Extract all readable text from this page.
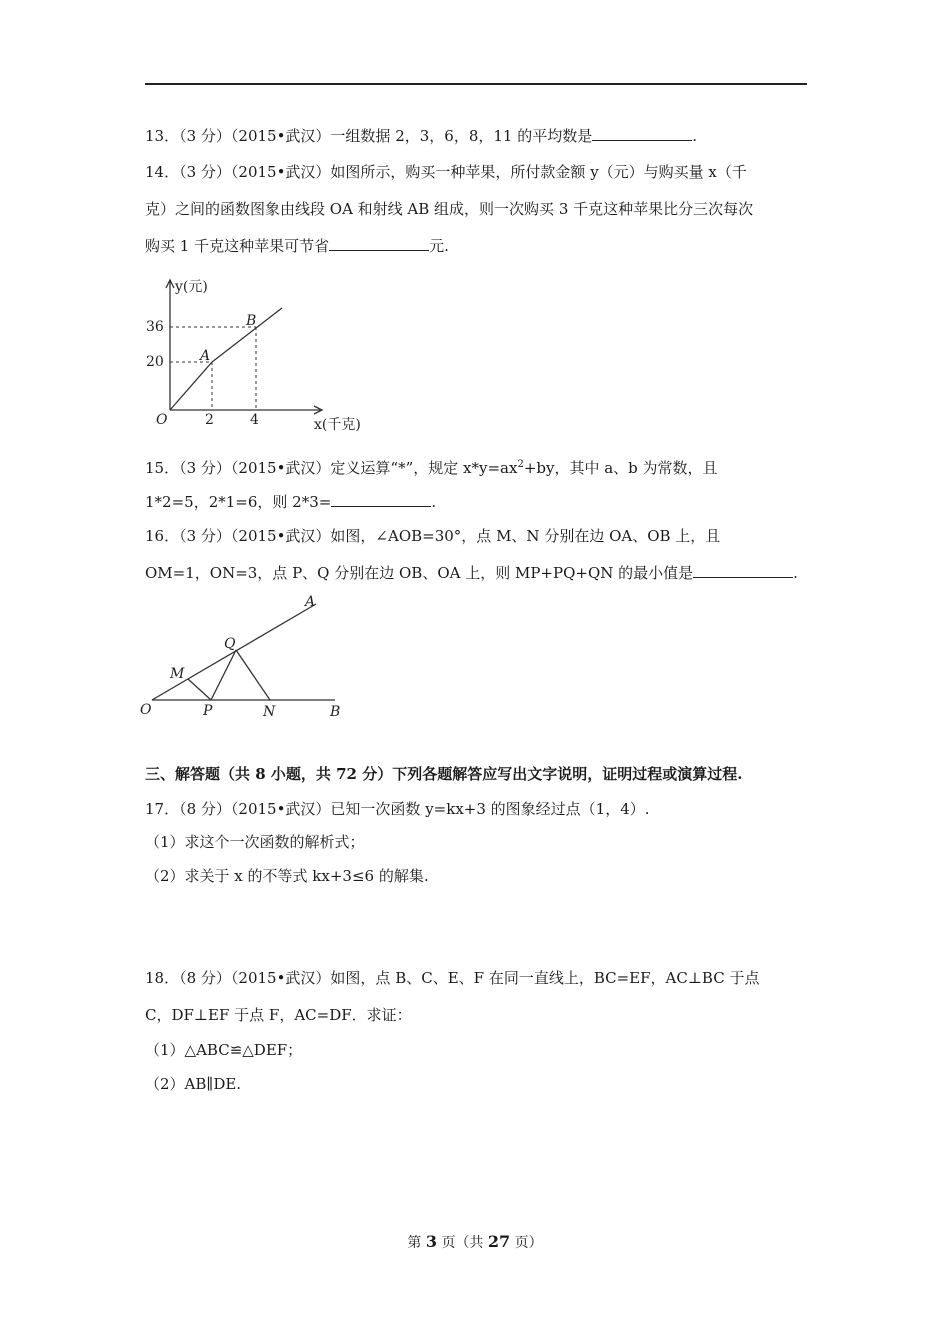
13．（3 分）（2015•武汉）一组数据 2，3，6，8，11 的平均数是	.
14．（3 分）（2015•武汉）如图所示，购买一种苹果，所付款金额 y（元）与购买量 x（千
克）之间的函数图象由线段 OA 和射线 AB 组成，则一次购买 3 千克这种苹果比分三次每次
购买 1 千克这种苹果可节省	元.
y(元)
36
20
O	2	4	x(千克)
A
B
15．（3 分）（2015•武汉）定义运算“*”，规定 $x*y=ax^2+by$，其中 a、b 为常数，且
1*2=5，2*1=6，则 2*3=	.
16．（3 分）（2015•武汉）如图，∠AOB=30°，点 M、N 分别在边 OA、OB 上，且
OM=1，ON=3，点 P、Q 分别在边 OB、OA 上，则 MP+PQ+QN 的最小值是	.
O
A
B
M
P	N
Q
三、解答题（共 8 小题，共 72 分）下列各题解答应写出文字说明，证明过程或演算过程.
17．（8 分）（2015•武汉）已知一次函数 y=kx+3 的图象经过点（1，4）.
（1）求这个一次函数的解析式；
（2）求关于 x 的不等式 kx+3≤6 的解集.
18．（8 分）（2015•武汉）如图，点 B、C、E、F 在同一直线上，BC=EF，AC⊥BC 于点
C，DF⊥EF 于点 F，AC=DF．求证：
（1）△ABC≌△DEF；
（2）AB∥DE.
第 3 页（共 27 页）
